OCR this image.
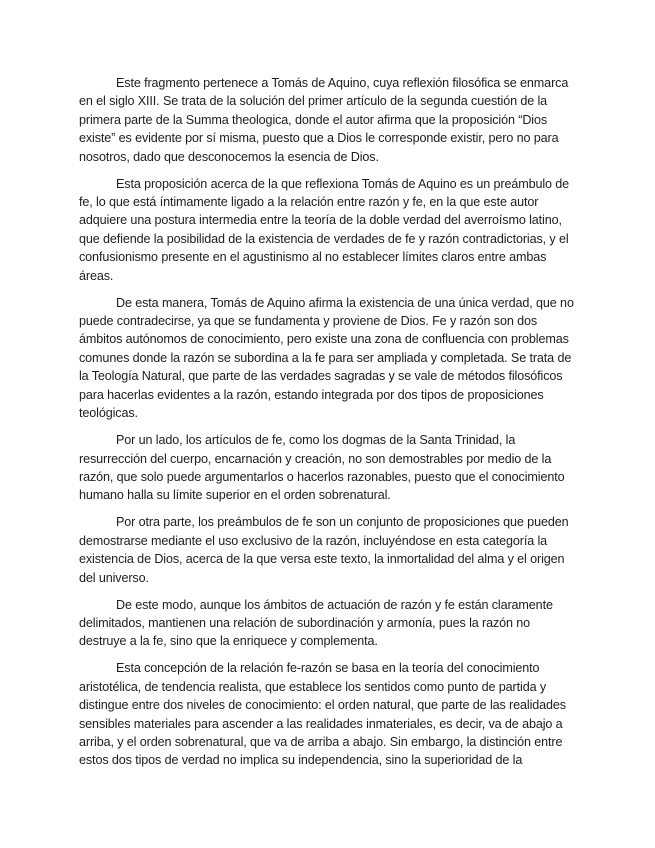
Este fragmento pertenece a Tomás de Aquino, cuya reflexión filosófica se enmarca en el siglo XIII. Se trata de la solución del primer artículo de la segunda cuestión de la primera parte de la Summa theologica, donde el autor afirma que la proposición “Dios existe” es evidente por sí misma, puesto que a Dios le corresponde existir, pero no para nosotros, dado que desconocemos la esencia de Dios.

Esta proposición acerca de la que reflexiona Tomás de Aquino es un preámbulo de fe, lo que está íntimamente ligado a la relación entre razón y fe, en la que este autor adquiere una postura intermedia entre la teoría de la doble verdad del averroísmo latino, que defiende la posibilidad de la existencia de verdades de fe y razón contradictorias, y el confusionismo presente en el agustinismo al no establecer límites claros entre ambas áreas.

De esta manera, Tomás de Aquino afirma la existencia de una única verdad, que no puede contradecirse, ya que se fundamenta y proviene de Dios. Fe y razón son dos ámbitos autónomos de conocimiento, pero existe una zona de confluencia con problemas comunes donde la razón se subordina a la fe para ser ampliada y completada. Se trata de la Teología Natural, que parte de las verdades sagradas y se vale de métodos filosóficos para hacerlas evidentes a la razón, estando integrada por dos tipos de proposiciones teológicas.

Por un lado, los artículos de fe, como los dogmas de la Santa Trinidad, la resurrección del cuerpo, encarnación y creación, no son demostrables por medio de la razón, que solo puede argumentarlos o hacerlos razonables, puesto que el conocimiento humano halla su límite superior en el orden sobrenatural.

Por otra parte, los preámbulos de fe son un conjunto de proposiciones que pueden demostrarse mediante el uso exclusivo de la razón, incluyéndose en esta categoría la existencia de Dios, acerca de la que versa este texto, la inmortalidad del alma y el origen del universo.

De este modo, aunque los ámbitos de actuación de razón y fe están claramente delimitados, mantienen una relación de subordinación y armonía, pues la razón no destruye a la fe, sino que la enriquece y complementa.

Esta concepción de la relación fe-razón se basa en la teoría del conocimiento aristotélica, de tendencia realista, que establece los sentidos como punto de partida y distingue entre dos niveles de conocimiento: el orden natural, que parte de las realidades sensibles materiales para ascender a las realidades inmateriales, es decir, va de abajo a arriba, y el orden sobrenatural, que va de arriba a abajo. Sin embargo, la distinción entre estos dos tipos de verdad no implica su independencia, sino la superioridad de la
